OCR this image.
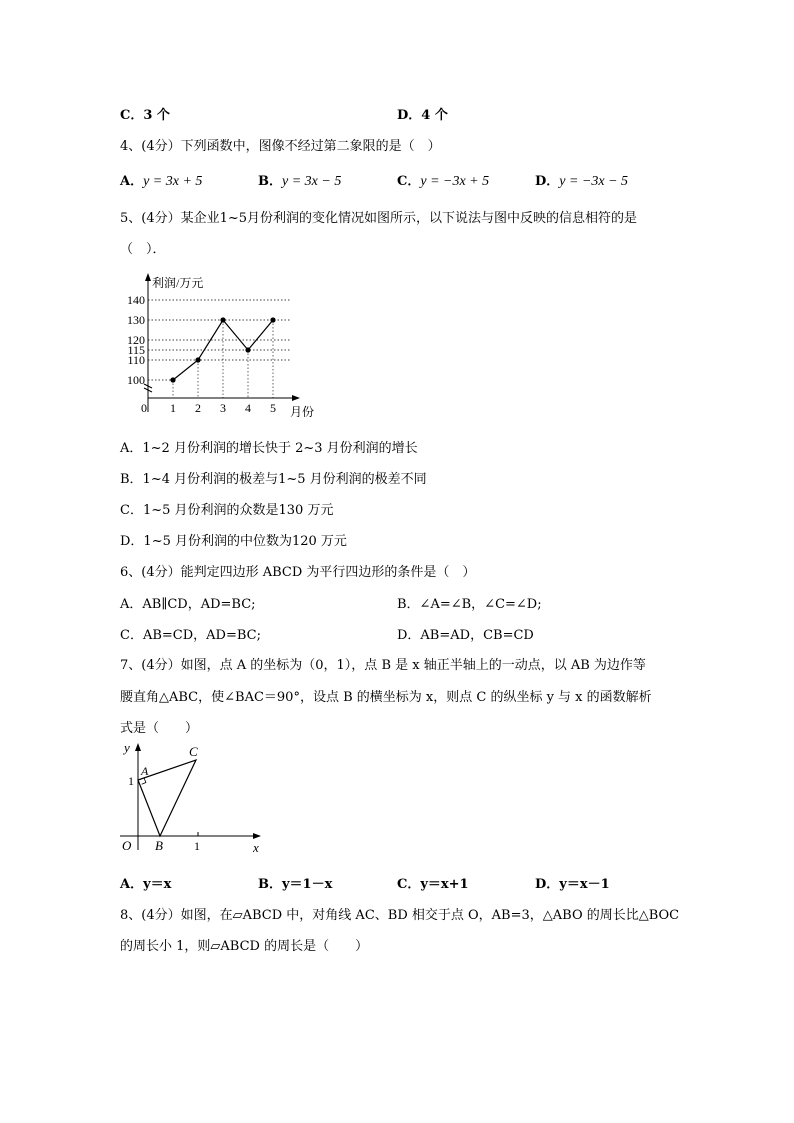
C．3 个	D．4 个
4、(4分）下列函数中，图像不经过第二象限的是（　）
A．y = 3x + 5	B．y = 3x − 5	C．y = −3x + 5	D．y = −3x − 5
5、(4分）某企业1~5月份利润的变化情况如图所示，以下说法与图中反映的信息相符的是
（　）．
利润/万元
月份
100
110
115
120
130
140
0 1 2 3 4 5
A．1~2 月份利润的增长快于 2~3 月份利润的增长
B．1~4 月份利润的极差与1~5 月份利润的极差不同
C．1~5 月份利润的众数是130 万元
D．1~5 月份利润的中位数为120 万元
6、(4分）能判定四边形 ABCD 为平行四边形的条件是（　）
A．AB∥CD，AD=BC;	B．∠A=∠B，∠C=∠D;
C．AB=CD，AD=BC;	D．AB=AD，CB=CD
7、(4分）如图，点 A 的坐标为（0，1），点 B 是 x 轴正半轴上的一动点，以 AB 为边作等
腰直角△ABC，使∠BAC＝90°，设点 B 的横坐标为 x，则点 C 的纵坐标 y 与 x 的函数解析
式是（　　）
y
x
A
B
C
O
1
1
A．y＝x	B．y＝1－x	C．y＝x+1	D．y＝x－1
8、(4分）如图，在▱ABCD 中，对角线 AC、BD 相交于点 O，AB=3，△ABO 的周长比△BOC
的周长小 1，则▱ABCD 的周长是（　　）
